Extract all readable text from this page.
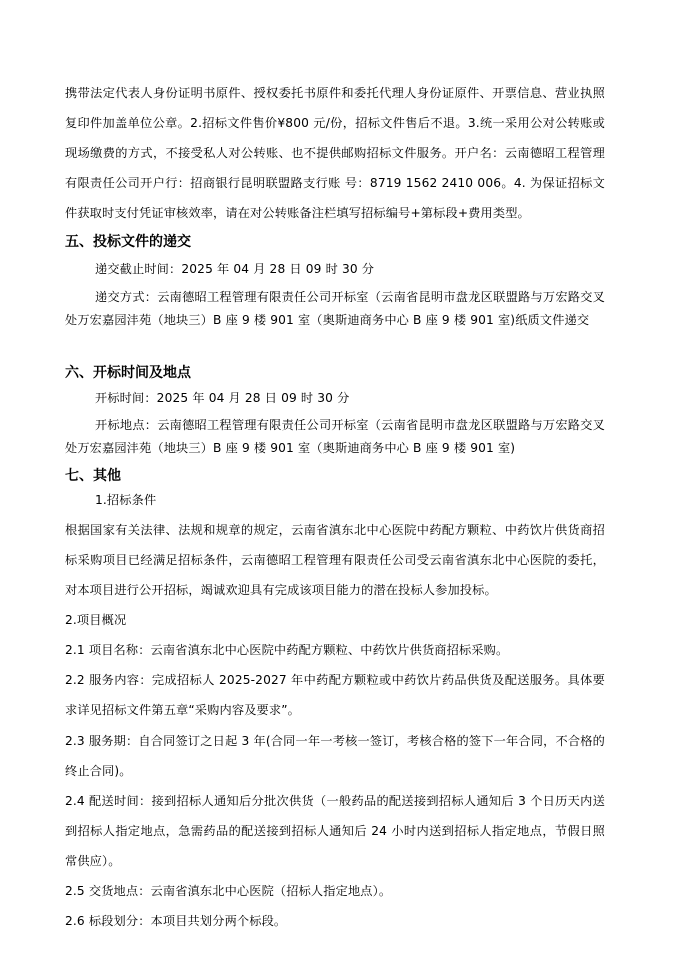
携带法定代表人身份证明书原件、授权委托书原件和委托代理人身份证原件、开票信息、营业执照复印件加盖单位公章。2.招标文件售价¥800 元/份，招标文件售后不退。3.统一采用公对公转账或现场缴费的方式，不接受私人对公转账、也不提供邮购招标文件服务。开户名：云南德昭工程管理有限责任公司开户行：招商银行昆明联盟路支行账 号：8719 1562 2410 006。4. 为保证招标文件获取时支付凭证审核效率，请在对公转账备注栏填写招标编号+第标段+费用类型。

五、投标文件的递交

递交截止时间：2025 年 04 月 28 日 09 时 30 分

递交方式：云南德昭工程管理有限责任公司开标室（云南省昆明市盘龙区联盟路与万宏路交叉处万宏嘉园沣苑（地块三）B 座 9 楼 901 室（奥斯迪商务中心 B 座 9 楼 901 室)纸质文件递交

六、开标时间及地点

开标时间：2025 年 04 月 28 日 09 时 30 分

开标地点：云南德昭工程管理有限责任公司开标室（云南省昆明市盘龙区联盟路与万宏路交叉处万宏嘉园沣苑（地块三）B 座 9 楼 901 室（奥斯迪商务中心 B 座 9 楼 901 室)

七、其他

1.招标条件

根据国家有关法律、法规和规章的规定，云南省滇东北中心医院中药配方颗粒、中药饮片供货商招标采购项目已经满足招标条件，云南德昭工程管理有限责任公司受云南省滇东北中心医院的委托，对本项目进行公开招标，竭诚欢迎具有完成该项目能力的潜在投标人参加投标。

2.项目概况

2.1 项目名称：云南省滇东北中心医院中药配方颗粒、中药饮片供货商招标采购。

2.2 服务内容：完成招标人 2025-2027 年中药配方颗粒或中药饮片药品供货及配送服务。具体要求详见招标文件第五章“采购内容及要求”。

2.3 服务期：自合同签订之日起 3 年(合同一年一考核一签订，考核合格的签下一年合同，不合格的终止合同)。

2.4 配送时间：接到招标人通知后分批次供货（一般药品的配送接到招标人通知后 3 个日历天内送到招标人指定地点，急需药品的配送接到招标人通知后 24 小时内送到招标人指定地点，节假日照常供应）。

2.5 交货地点：云南省滇东北中心医院（招标人指定地点）。

2.6 标段划分：本项目共划分两个标段。
